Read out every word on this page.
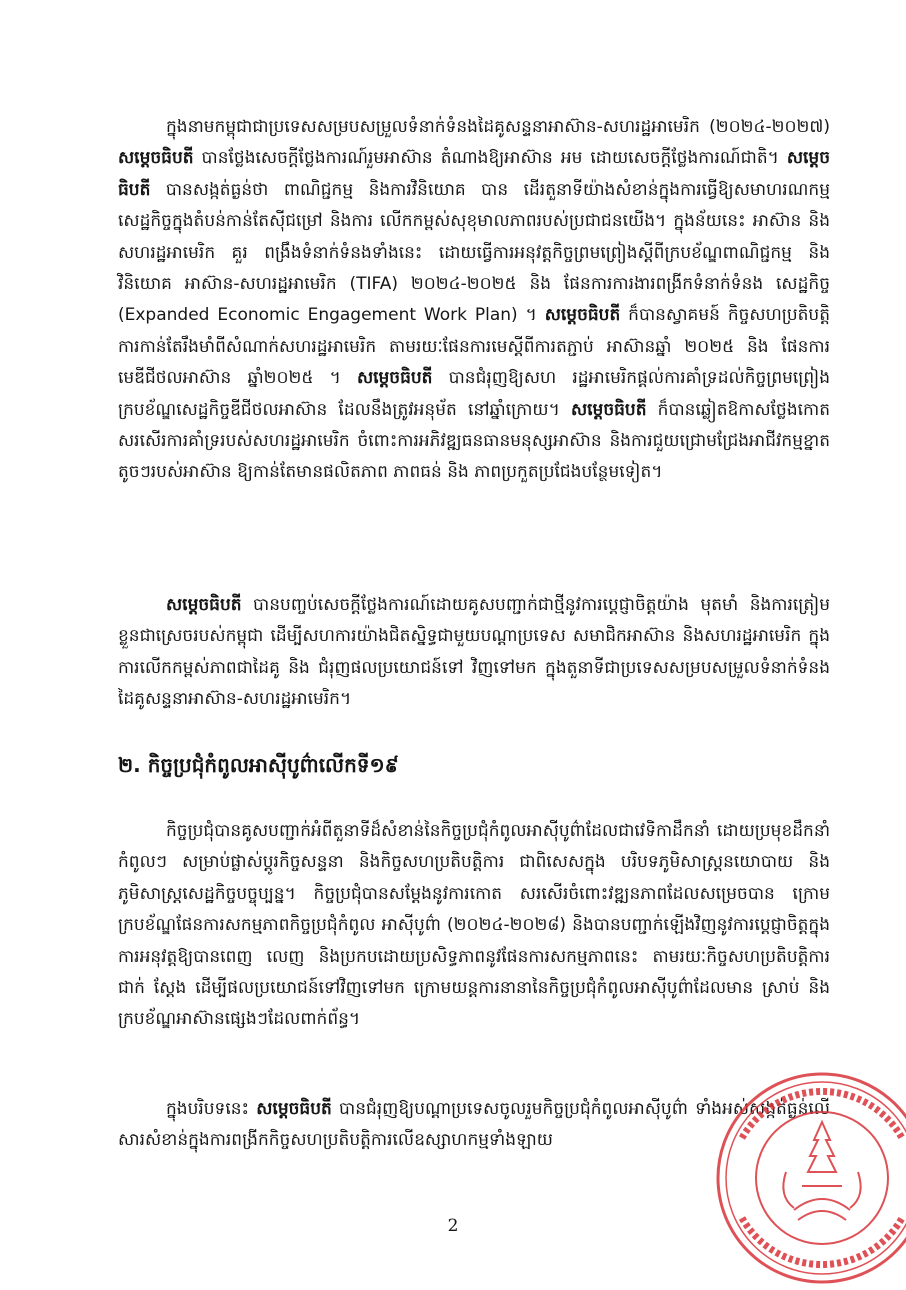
ក្នុងនាមកម្ពុជាជាប្រទេសសម្របសម្រួលទំនាក់ទំនងដៃគូសន្ទនាអាស៊ាន-សហរដ្ឋអាមេរិក (២០២៤-២០២៧) សម្ដេចធិបតី បានថ្លែងសេចក្ដីថ្លែងការណ៍រួមអាស៊ាន តំណាងឱ្យអាស៊ាន អម ដោយសេចក្ដីថ្លែងការណ៍ជាតិ។ សម្ដេចធិបតី បានសង្កត់ធ្ងន់ថា ពាណិជ្ជកម្ម និងការវិនិយោគ បាន ដើរតួនាទីយ៉ាងសំខាន់ក្នុងការធ្វើឱ្យសមាហរណកម្មសេដ្ឋកិច្ចក្នុងតំបន់កាន់តែស៊ីជម្រៅ និងការ លើកកម្ពស់សុខុមាលភាពរបស់ប្រជាជនយើង។ ក្នុងន័យនេះ អាស៊ាន និងសហរដ្ឋអាមេរិក គួរ ពង្រឹងទំនាក់ទំនងទាំងនេះ ដោយធ្វើការអនុវត្តកិច្ចព្រមព្រៀងស្ដីពីក្របខ័ណ្ឌពាណិជ្ជកម្ម និង វិនិយោគ អាស៊ាន-សហរដ្ឋអាមេរិក (TIFA) ២០២៤-២០២៥ និង ផែនការការងារពង្រីកទំនាក់ទំនង សេដ្ឋកិច្ច (Expanded Economic Engagement Work Plan) ។ សម្ដេចធិបតី ក៏បានស្វាគមន៍ កិច្ចសហប្រតិបត្តិការកាន់តែរឹងមាំពីសំណាក់សហរដ្ឋអាមេរិក តាមរយៈផែនការមេស្ដីពីការតភ្ជាប់ អាស៊ានឆ្នាំ ២០២៥ និង ផែនការមេឌីជីថលអាស៊ាន ឆ្នាំ២០២៥ ។ សម្ដេចធិបតី បានជំរុញឱ្យសហ រដ្ឋអាមេរិកផ្ដល់ការគាំទ្រដល់កិច្ចព្រមព្រៀងក្របខ័ណ្ឌសេដ្ឋកិច្ចឌីជីថលអាស៊ាន ដែលនឹងត្រូវអនុម័ត នៅឆ្នាំក្រោយ។ សម្ដេចធិបតី ក៏បានឆ្លៀតឱកាសថ្លែងកោតសរសើរការគាំទ្ររបស់សហរដ្ឋអាមេរិក ចំពោះការអភិវឌ្ឍធនធានមនុស្សអាស៊ាន និងការជួយជ្រោមជ្រែងអាជីវកម្មខ្នាតតូចៗរបស់អាស៊ាន ឱ្យកាន់តែមានផលិតភាព ភាពធន់ និង ភាពប្រកួតប្រជែងបន្ថែមទៀត។

សម្ដេចធិបតី បានបញ្ចប់សេចក្ដីថ្លែងការណ៍ដោយគូសបញ្ជាក់ជាថ្មីនូវការប្ដេជ្ញាចិត្តយ៉ាង មុតមាំ និងការត្រៀមខ្លួនជាស្រេចរបស់កម្ពុជា ដើម្បីសហការយ៉ាងជិតស្និទ្ធជាមួយបណ្ដាប្រទេស សមាជិកអាស៊ាន និងសហរដ្ឋអាមេរិក ក្នុងការលើកកម្ពស់ភាពជាដៃគូ និង ជំរុញផលប្រយោជន៍ទៅ វិញទៅមក ក្នុងតួនាទីជាប្រទេសសម្របសម្រួលទំនាក់ទំនងដៃគូសន្ទនាអាស៊ាន-សហរដ្ឋអាមេរិក។

២. កិច្ចប្រជុំកំពូលអាស៊ីបូព៌ាលើកទី១៩

កិច្ចប្រជុំបានគូសបញ្ជាក់អំពីតួនាទីដ៏សំខាន់នៃកិច្ចប្រជុំកំពូលអាស៊ីបូព៌ាដែលជាវេទិកាដឹកនាំ ដោយប្រមុខដឹកនាំកំពូលៗ សម្រាប់ផ្លាស់ប្ដូរកិច្ចសន្ទនា និងកិច្ចសហប្រតិបត្តិការ ជាពិសេសក្នុង បរិបទភូមិសាស្ត្រនយោបាយ និងភូមិសាស្ត្រសេដ្ឋកិច្ចបច្ចុប្បន្ន។ កិច្ចប្រជុំបានសម្ដែងនូវការកោត សរសើរចំពោះវឌ្ឍនភាពដែលសម្រេចបាន ក្រោមក្របខ័ណ្ឌផែនការសកម្មភាពកិច្ចប្រជុំកំពូល អាស៊ីបូព៌ា (២០២៤-២០២៨) និងបានបញ្ជាក់ឡើងវិញនូវការប្ដេជ្ញាចិត្តក្នុងការអនុវត្តឱ្យបានពេញ លេញ និងប្រកបដោយប្រសិទ្ធភាពនូវផែនការសកម្មភាពនេះ តាមរយៈកិច្ចសហប្រតិបត្តិការជាក់ ស្ដែង ដើម្បីផលប្រយោជន៍ទៅវិញទៅមក ក្រោមយន្តការនានានៃកិច្ចប្រជុំកំពូលអាស៊ីបូព៌ាដែលមាន ស្រាប់ និងក្របខ័ណ្ឌអាស៊ានផ្សេងៗដែលពាក់ព័ន្ធ។

ក្នុងបរិបទនេះ សម្ដេចធិបតី បានជំរុញឱ្យបណ្ដាប្រទេសចូលរួមកិច្ចប្រជុំកំពូលអាស៊ីបូព៌ា ទាំងអស់សង្កត់ធ្ងន់លើសារសំខាន់ក្នុងការពង្រីកកិច្ចសហប្រតិបត្តិការលើឧស្សាហកម្មទាំងឡាយ

2
